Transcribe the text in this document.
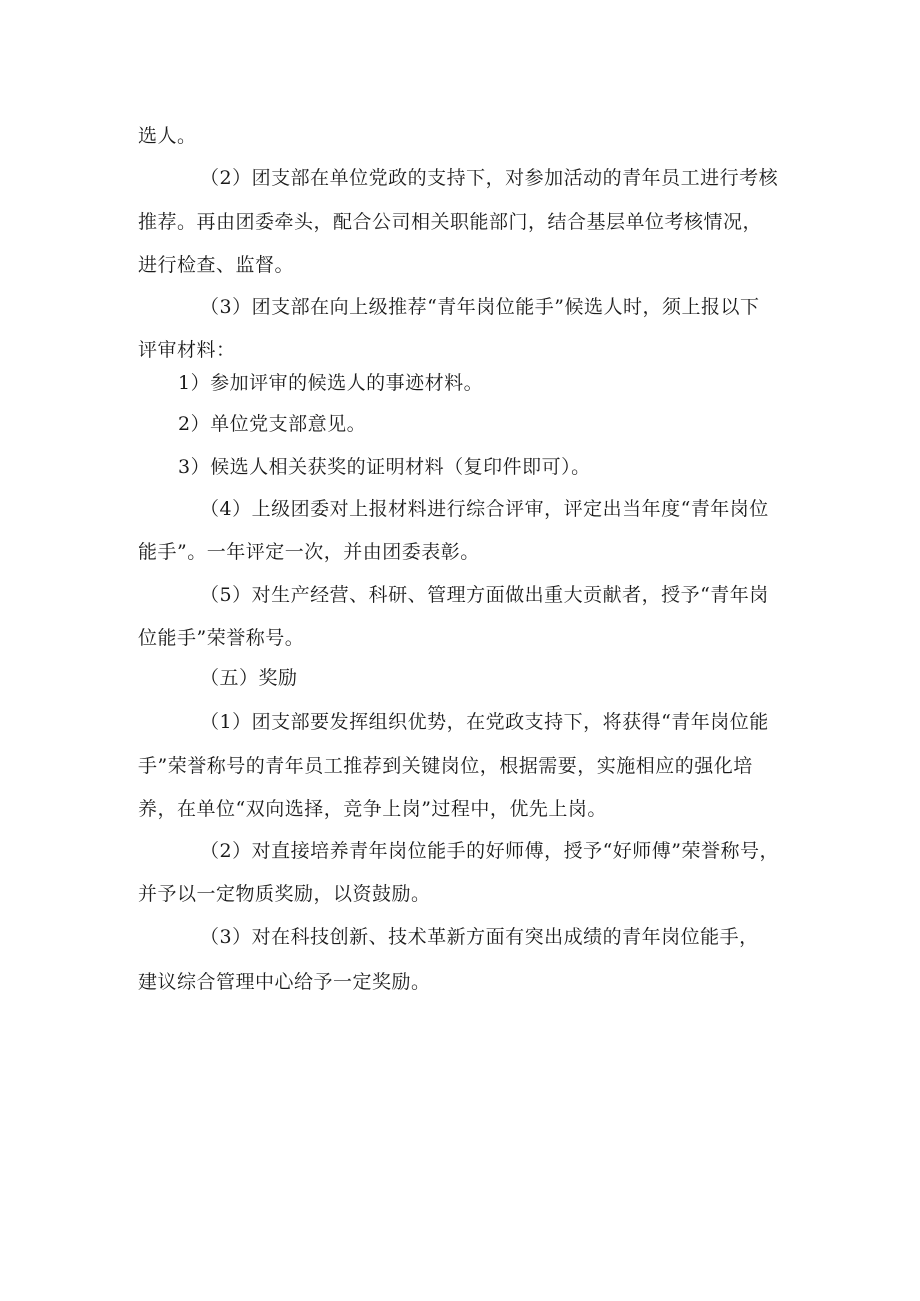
选人。
（2）团支部在单位党政的支持下，对参加活动的青年员工进行考核
推荐。再由团委牵头，配合公司相关职能部门，结合基层单位考核情况，
进行检查、监督。
（3）团支部在向上级推荐“青年岗位能手”候选人时，须上报以下
评审材料：
1）参加评审的候选人的事迹材料。
2）单位党支部意见。
3）候选人相关获奖的证明材料（复印件即可）。
（4）上级团委对上报材料进行综合评审，评定出当年度“青年岗位
能手”。一年评定一次，并由团委表彰。
（5）对生产经营、科研、管理方面做出重大贡献者，授予“青年岗
位能手”荣誉称号。
（五）奖励
（1）团支部要发挥组织优势，在党政支持下，将获得“青年岗位能
手”荣誉称号的青年员工推荐到关键岗位，根据需要，实施相应的强化培
养，在单位“双向选择，竞争上岗”过程中，优先上岗。
（2）对直接培养青年岗位能手的好师傅，授予“好师傅”荣誉称号，
并予以一定物质奖励，以资鼓励。
（3）对在科技创新、技术革新方面有突出成绩的青年岗位能手，
建议综合管理中心给予一定奖励。
